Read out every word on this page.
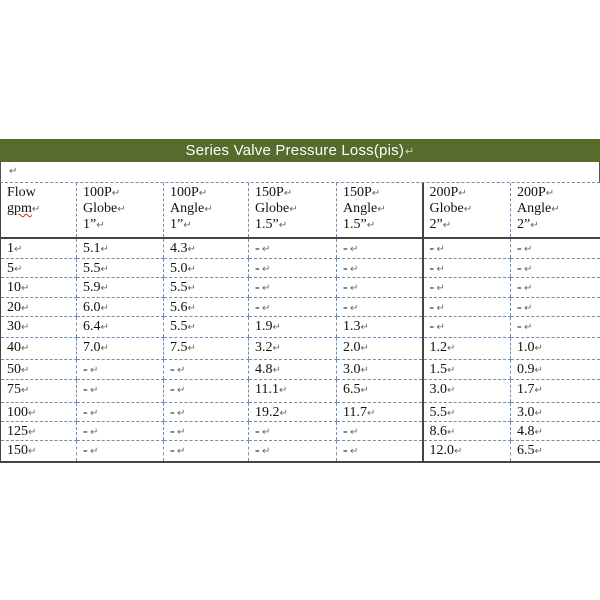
Series Valve Pressure Loss(pis)↵
↵
Flow
gpm↵	100P↵
Globe↵
1”↵	100P↵
Angle↵
1”↵	150P↵
Globe↵
1.5”↵	150P↵
Angle↵
1.5”↵	200P↵
Globe↵
2”↵	200P↵
Angle↵
2”↵

1↵	5.1↵	4.3↵	- ↵	- ↵	- ↵	- ↵
5↵	5.5↵	5.0↵	- ↵	- ↵	- ↵	- ↵
10↵	5.9↵	5.5↵	- ↵	- ↵	- ↵	- ↵
20↵	6.0↵	5.6↵	- ↵	- ↵	- ↵	- ↵
30↵	6.4↵	5.5↵	1.9↵	1.3↵	- ↵	- ↵
40↵	7.0↵	7.5↵	3.2↵	2.0↵	1.2↵	1.0↵
50↵	- ↵	- ↵	4.8↵	3.0↵	1.5↵	0.9↵
75↵	- ↵	- ↵	11.1↵	6.5↵	3.0↵	1.7↵
100↵	- ↵	- ↵	19.2↵	11.7↵	5.5↵	3.0↵
125↵	- ↵	- ↵	- ↵	- ↵	8.6↵	4.8↵
150↵	- ↵	- ↵	- ↵	- ↵	12.0↵	6.5↵
